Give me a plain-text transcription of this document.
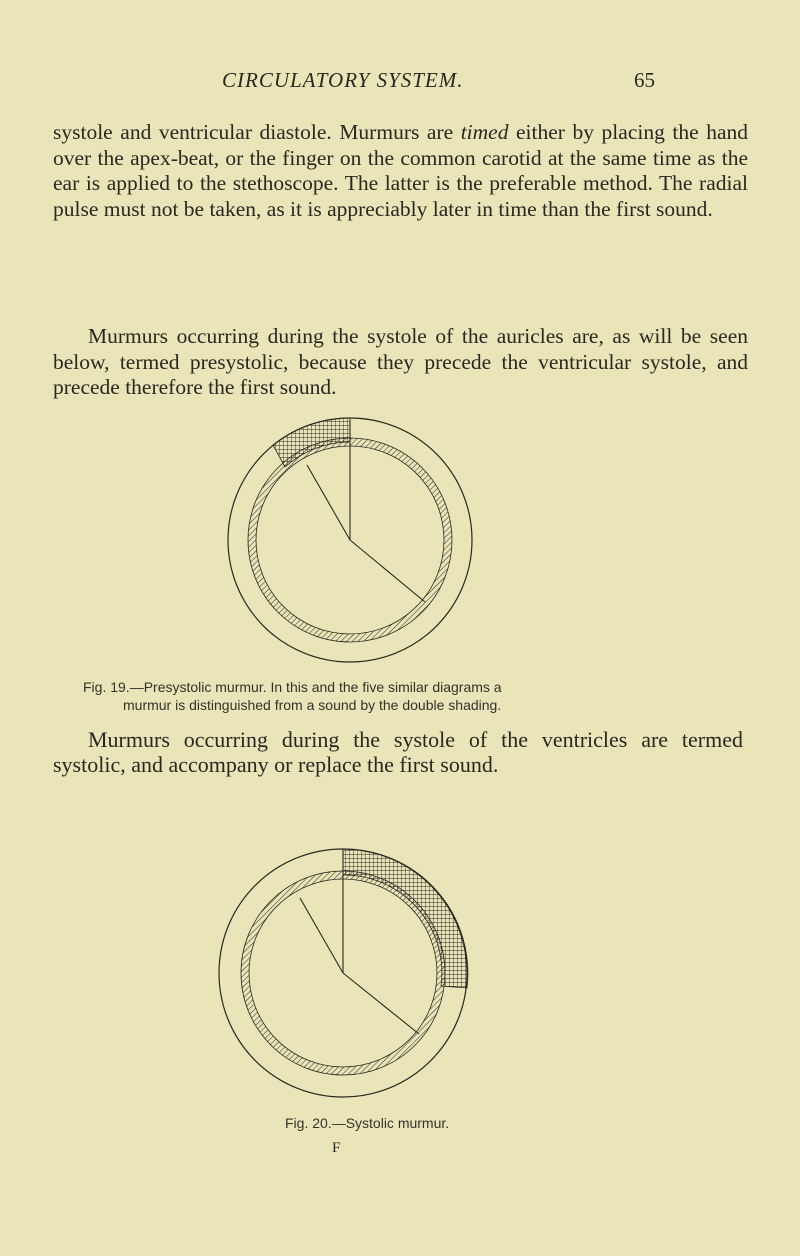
CIRCULATORY SYSTEM.	65
systole and ventricular diastole. Murmurs are timed either by placing the hand over the apex-beat, or the finger on the common carotid at the same time as the ear is applied to the stethoscope. The latter is the preferable method. The radial pulse must not be taken, as it is appreciably later in time than the first sound.
Murmurs occurring during the systole of the auricles are, as will be seen below, termed presystolic, because they precede the ventricular systole, and precede therefore the first sound.
Fig. 19.—Presystolic murmur. In this and the five similar diagrams a
murmur is distinguished from a sound by the double shading.
Murmurs occurring during the systole of the ventricles are termed systolic, and accompany or replace the first sound.
Fig. 20.—Systolic murmur.
F
